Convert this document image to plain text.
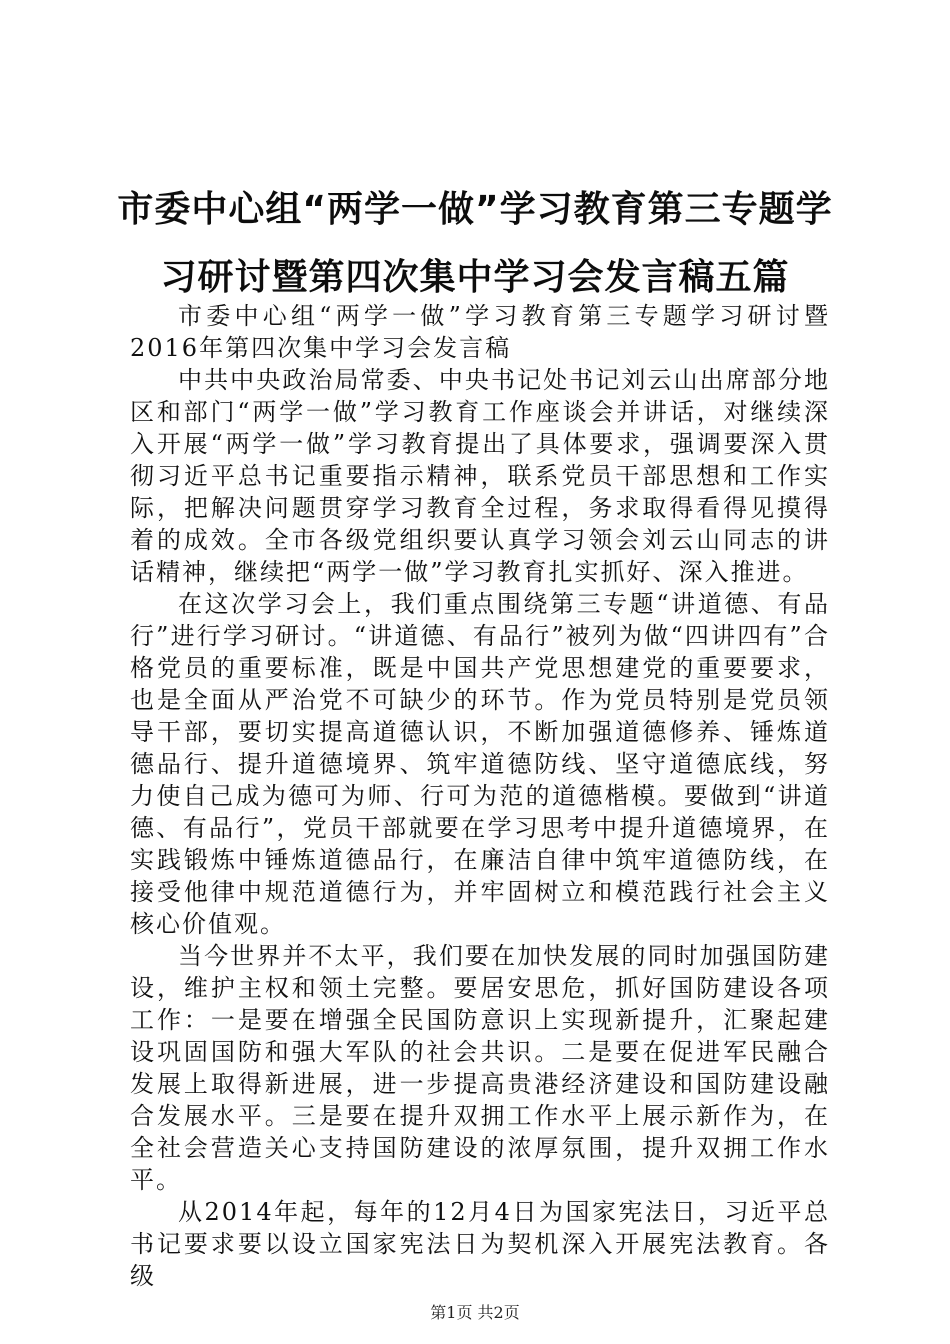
市委中心组“两学一做”学习教育第三专题学
习研讨暨第四次集中学习会发言稿五篇

市委中心组“两学一做”学习教育第三专题学习研讨暨2016年第四次集中学习会发言稿

中共中央政治局常委、中央书记处书记刘云山出席部分地区和部门“两学一做”学习教育工作座谈会并讲话，对继续深入开展“两学一做”学习教育提出了具体要求，强调要深入贯彻习近平总书记重要指示精神，联系党员干部思想和工作实际，把解决问题贯穿学习教育全过程，务求取得看得见摸得着的成效。全市各级党组织要认真学习领会刘云山同志的讲话精神，继续把“两学一做”学习教育扎实抓好、深入推进。

在这次学习会上，我们重点围绕第三专题“讲道德、有品行”进行学习研讨。“讲道德、有品行”被列为做“四讲四有”合格党员的重要标准，既是中国共产党思想建党的重要要求，也是全面从严治党不可缺少的环节。作为党员特别是党员领导干部，要切实提高道德认识，不断加强道德修养、锤炼道德品行、提升道德境界、筑牢道德防线、坚守道德底线，努力使自己成为德可为师、行可为范的道德楷模。要做到“讲道德、有品行”，党员干部就要在学习思考中提升道德境界，在实践锻炼中锤炼道德品行，在廉洁自律中筑牢道德防线，在接受他律中规范道德行为，并牢固树立和模范践行社会主义核心价值观。

当今世界并不太平，我们要在加快发展的同时加强国防建设，维护主权和领土完整。要居安思危，抓好国防建设各项工作：一是要在增强全民国防意识上实现新提升，汇聚起建设巩固国防和强大军队的社会共识。二是要在促进军民融合发展上取得新进展，进一步提高贵港经济建设和国防建设融合发展水平。三是要在提升双拥工作水平上展示新作为，在全社会营造关心支持国防建设的浓厚氛围，提升双拥工作水平。

从2014年起，每年的12月4日为国家宪法日，习近平总书记要求要以设立国家宪法日为契机深入开展宪法教育。各级

第1页 共2页
